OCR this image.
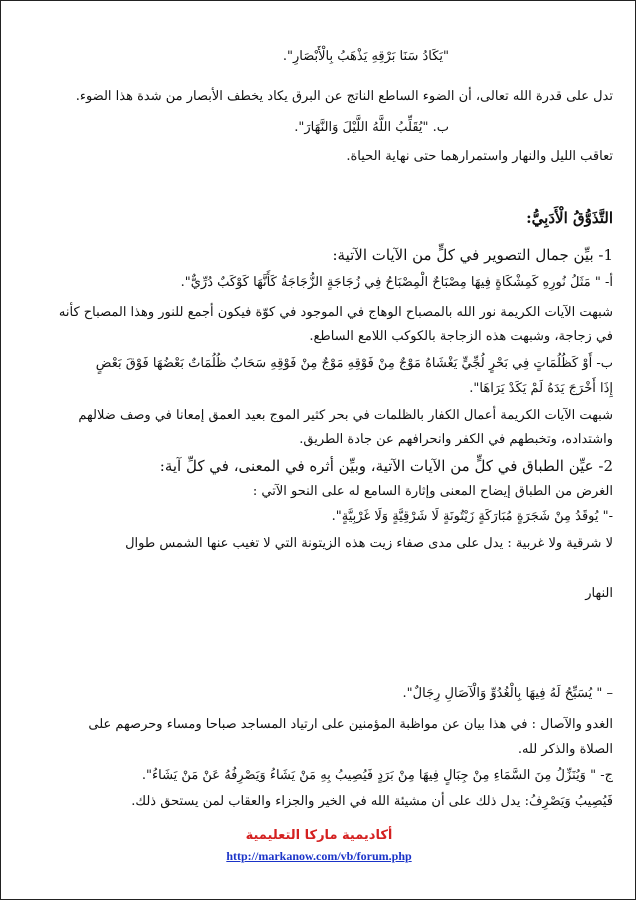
"يَكَادُ سَنَا بَرْقِهِ يَذْهَبُ بِالْأَبْصَارِ".
تدل على قدرة الله تعالى، أن الضوء الساطع الناتج عن البرق يكاد يخطف الأبصار من شدة هذا الضوء.
ب. "يُقَلِّبُ اللَّهُ اللَّيْلَ وَالنَّهَارَ".
تعاقب الليل والنهار واستمرارهما حتى نهاية الحياة.
التَّذَوُّقُ الْأَدَبِيُّ:
1- بيِّن جمال التصوير في كلٍّ من الآيات الآتية:
أ- " مَثَلُ نُورِهِ كَمِشْكَاةٍ فِيهَا مِصْبَاحٌ الْمِصْبَاحُ فِي زُجَاجَةٍ الزُّجَاجَةُ كَأَنَّهَا كَوْكَبٌ دُرِّيٌّ".
شبهت الآيات الكريمة نور الله بالمصباح الوهاج في الموجود في كوّة فيكون أجمع للنور وهذا المصباح كأنه
في زجاجة، وشبهت هذه الزجاجة بالكوكب اللامع الساطع.
ب- أَوْ كَظُلُمَاتٍ فِي بَحْرٍ لُجِّيٍّ يَغْشَاهُ مَوْجٌ مِنْ فَوْقِهِ مَوْجٌ مِنْ فَوْقِهِ سَحَابٌ ظُلُمَاتٌ بَعْضُهَا فَوْقَ بَعْضٍ
إِذَا أَخْرَجَ يَدَهُ لَمْ يَكَدْ يَرَاهَا".
شبهت الآيات الكريمة أعمال الكفار بالظلمات في بحر كثير الموج بعيد العمق إمعانا في وصف ضلالهم
واشتداده، وتخبطهم في الكفر وانحرافهم عن جادة الطريق.
2- عيِّن الطباق في كلٍّ من الآيات الآتية، وبيِّن أثره في المعنى، في كلِّ آية:
الغرض من الطباق إيضاح المعنى وإثارة السامع له على النحو الآتي :
-" يُوقَدُ مِنْ شَجَرَةٍ مُبَارَكَةٍ زَيْتُونَةٍ لَا شَرْقِيَّةٍ وَلَا غَرْبِيَّةٍ".
لا شرقية ولا غربية : يدل على مدى صفاء زيت هذه الزيتونة التي لا تغيب عنها الشمس طوال
النهار
– " يُسَبِّحُ لَهُ فِيهَا بِالْغُدُوِّ وَالْآصَالِ رِجَالٌ".
الغدو والآصال : في هذا بيان عن مواظبة المؤمنين على ارتياد المساجد صباحا ومساء وحرصهم على
الصلاة والذكر لله.
ج- " وَيُنَزِّلُ مِنَ السَّمَاءِ مِنْ جِبَالٍ فِيهَا مِنْ بَرَدٍ فَيُصِيبُ بِهِ مَنْ يَشَاءُ وَيَصْرِفُهُ عَنْ مَنْ يَشَاءُ".
فَيُصِيبُ وَيَصْرِفُ: يدل ذلك على أن مشيئة الله في الخير والجزاء والعقاب لمن يستحق ذلك.
أكاديمية ماركا التعليمية
http://markanow.com/vb/forum.php
